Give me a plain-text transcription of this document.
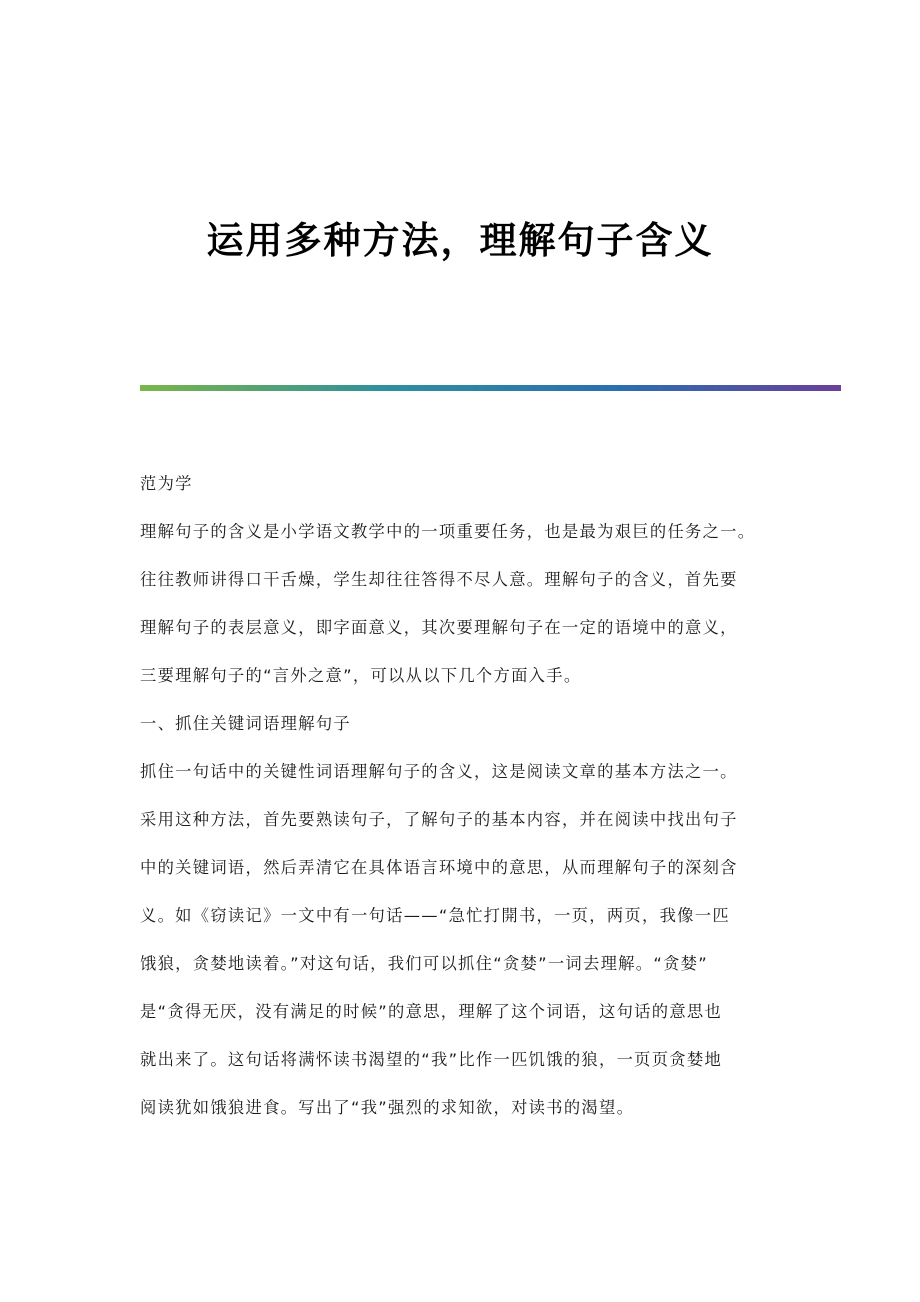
运用多种方法，理解句子含义

范为学

理解句子的含义是小学语文教学中的一项重要任务，也是最为艰巨的任务之一。

往往教师讲得口干舌燥，学生却往往答得不尽人意。理解句子的含义，首先要

理解句子的表层意义，即字面意义，其次要理解句子在一定的语境中的意义，

三要理解句子的“言外之意”，可以从以下几个方面入手。

一、抓住关键词语理解句子

抓住一句话中的关键性词语理解句子的含义，这是阅读文章的基本方法之一。

采用这种方法，首先要熟读句子，了解句子的基本内容，并在阅读中找出句子

中的关键词语，然后弄清它在具体语言环境中的意思，从而理解句子的深刻含

义。如《窃读记》一文中有一句话——“急忙打開书，一页，两页，我像一匹

饿狼，贪婪地读着。”对这句话，我们可以抓住“贪婪”一词去理解。“贪婪”

是“贪得无厌，没有满足的时候”的意思，理解了这个词语，这句话的意思也

就出来了。这句话将满怀读书渴望的“我”比作一匹饥饿的狼，一页页贪婪地

阅读犹如饿狼进食。写出了“我”强烈的求知欲，对读书的渴望。
